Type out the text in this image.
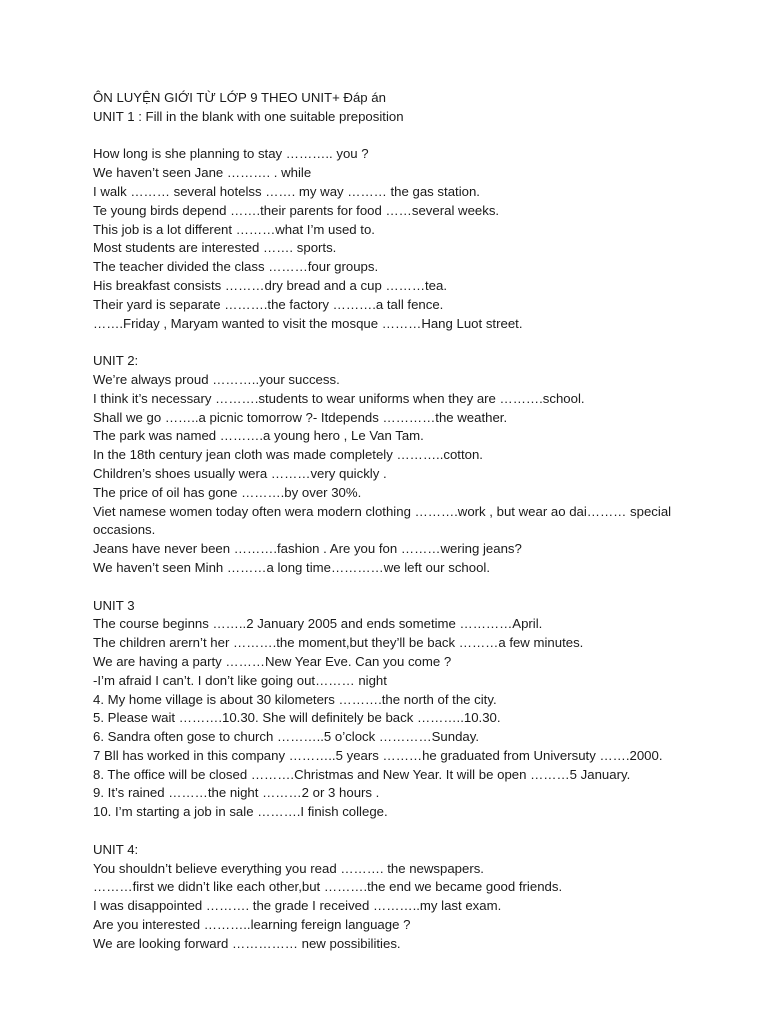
ÔN LUYỆN GIỚI TỪ LỚP 9 THEO UNIT+ Đáp án
UNIT 1 : Fill in the blank with one suitable preposition
How long is she planning to stay ……….. you ?
We haven’t seen Jane ………. . while
I walk ……… several hotelss ……. my way ……… the gas station.
Te young birds depend …….their parents for food ……several weeks.
This job is a lot different ………what I’m used to.
Most students are interested ……. sports.
The teacher divided the class ………four groups.
His breakfast consists ………dry bread and a cup ………tea.
Their yard is separate ……….the factory ……….a tall fence.
…….Friday , Maryam wanted to visit the mosque ………Hang Luot street.
UNIT 2:
We’re always proud ………..your success.
I think it’s necessary ……….students to wear uniforms when they are ……….school.
Shall we go ……..a picnic tomorrow ?- Itdepends …………the weather.
The park was named ……….a young hero , Le Van Tam.
In the 18th century jean cloth was made completely ………..cotton.
Children’s shoes usually wera ………very quickly .
The price of oil has gone ……….by over 30%.
Viet namese women today often wera modern clothing ……….work , but wear ao dai……… special occasions.
Jeans have never been ……….fashion . Are you fon ………wering jeans?
We haven’t seen Minh ………a long time…………we left our school.
UNIT 3
The course beginns ……..2 January 2005 and ends sometime …………April.
The children arern’t her ……….the moment,but they’ll be back ………a few minutes.
We are having a party ………New Year Eve. Can you come ?
-I’m afraid I can’t. I don’t like going out……… night
4. My home village is about 30 kilometers ……….the north of the city.
5. Please wait ……….10.30. She will definitely be back ………..10.30.
6. Sandra often gose to church ………..5 o’clock …………Sunday.
7 Bll has worked in this company ………..5 years ………he graduated from Universuty …….2000.
8. The office will be closed ……….Christmas and New Year. It will be open ………5 January.
9. It’s rained ………the night ………2 or 3 hours .
10. I’m starting a job in sale ……….I finish college.
UNIT 4:
You shouldn’t believe everything you read ………. the newspapers.
………first we didn’t like each other,but ……….the end we became good friends.
I was disappointed ………. the grade I received ………..my last exam.
Are you interested ………..learning fereign language ?
We are looking forward …………… new possibilities.
